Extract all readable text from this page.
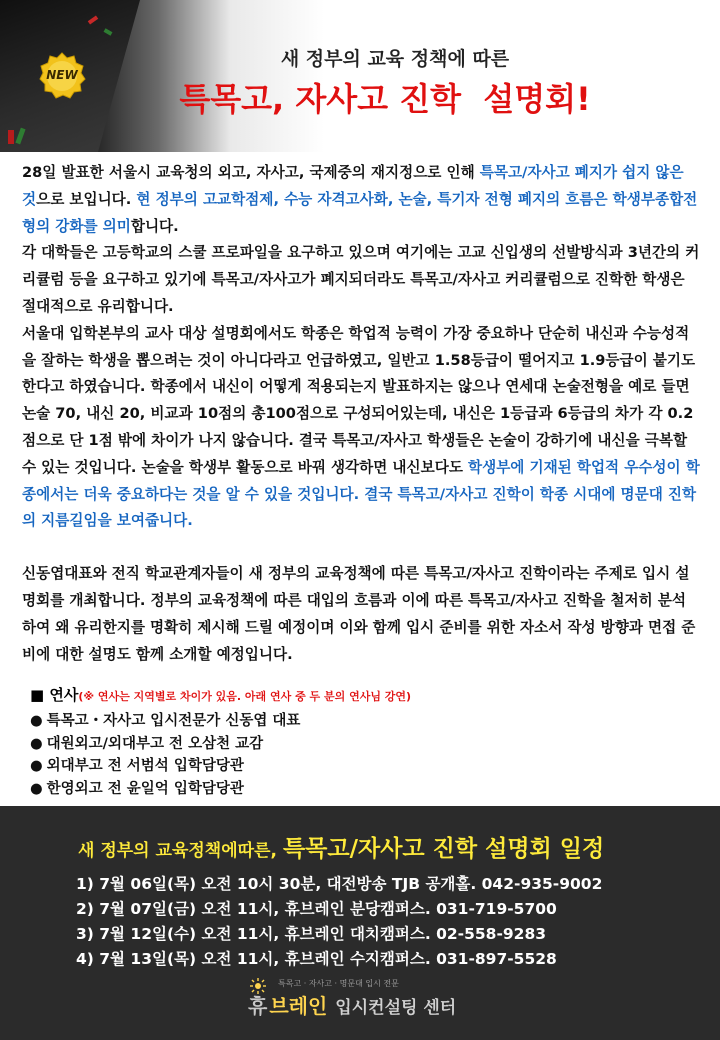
NEW
새 정부의 교육 정책에 따른
특목고, 자사고 진학  설명회!

28일 발표한 서울시 교육청의 외고, 자사고, 국제중의 재지정으로 인해 특목고/자사고 폐지가 쉽지 않은 것으로 보입니다. 현 정부의 고교학점제, 수능 자격고사화, 논술, 특기자 전형 폐지의 흐름은 학생부종합전형의 강화를 의미합니다.

각 대학들은 고등학교의 스쿨 프로파일을 요구하고 있으며 여기에는 고교 신입생의 선발방식과 3년간의 커리큘럼 등을 요구하고 있기에 특목고/자사고가 폐지되더라도 특목고/자사고 커리큘럼으로 진학한 학생은 절대적으로 유리합니다.

서울대 입학본부의 교사 대상 설명회에서도 학종은 학업적 능력이 가장 중요하나 단순히 내신과 수능성적을 잘하는 학생을 뽑으려는 것이 아니다라고 언급하였고, 일반고 1.58등급이 떨어지고 1.9등급이 붙기도 한다고 하였습니다. 학종에서 내신이 어떻게 적용되는지 발표하지는 않으나 연세대 논술전형을 예로 들면 논술 70, 내신 20, 비교과 10점의 총100점으로 구성되어있는데, 내신은 1등급과 6등급의 차가 각 0.2점으로 단 1점 밖에 차이가 나지 않습니다. 결국 특목고/자사고 학생들은 논술이 강하기에 내신을 극복할 수 있는 것입니다. 논술을 학생부 활동으로 바꿔 생각하면 내신보다도 학생부에 기재된 학업적 우수성이 학종에서는 더욱 중요하다는 것을 알 수 있을 것입니다. 결국 특목고/자사고 진학이 학종 시대에 명문대 진학의 지름길임을 보여줍니다.

신동엽대표와 전직 학교관계자들이 새 정부의 교육정책에 따른 특목고/자사고 진학이라는 주제로 입시 설명회를 개최합니다. 정부의 교육정책에 따른 대입의 흐름과 이에 따른 특목고/자사고 진학을 철저히 분석하여 왜 유리한지를 명확히 제시해 드릴 예정이며 이와 함께 입시 준비를 위한 자소서 작성 방향과 면접 준비에 대한 설명도 함께 소개할 예정입니다.

■ 연사(※ 연사는 지역별로 차이가 있음. 아래 연사 중 두 분의 연사님 강연)
● 특목고・자사고 입시전문가 신동엽 대표
● 대원외고/외대부고 전 오삼천 교감
● 외대부고 전 서범석 입학담당관
● 한영외고 전 윤일억 입학담당관
새 정부의 교육정책에따른, 특목고/자사고 진학 설명회 일정
1) 7월 06일(목) 오전 10시 30분, 대전방송 TJB 공개홀. 042-935-9002
2) 7월 07일(금) 오전 11시, 휴브레인 분당캠퍼스. 031-719-5700
3) 7월 12일(수) 오전 11시, 휴브레인 대치캠퍼스. 02-558-9283
4) 7월 13일(목) 오전 11시, 휴브레인 수지캠퍼스. 031-897-5528
특목고 · 자사고 · 명문대 입시 전문
휴 브레인 입시컨설팅 센터
